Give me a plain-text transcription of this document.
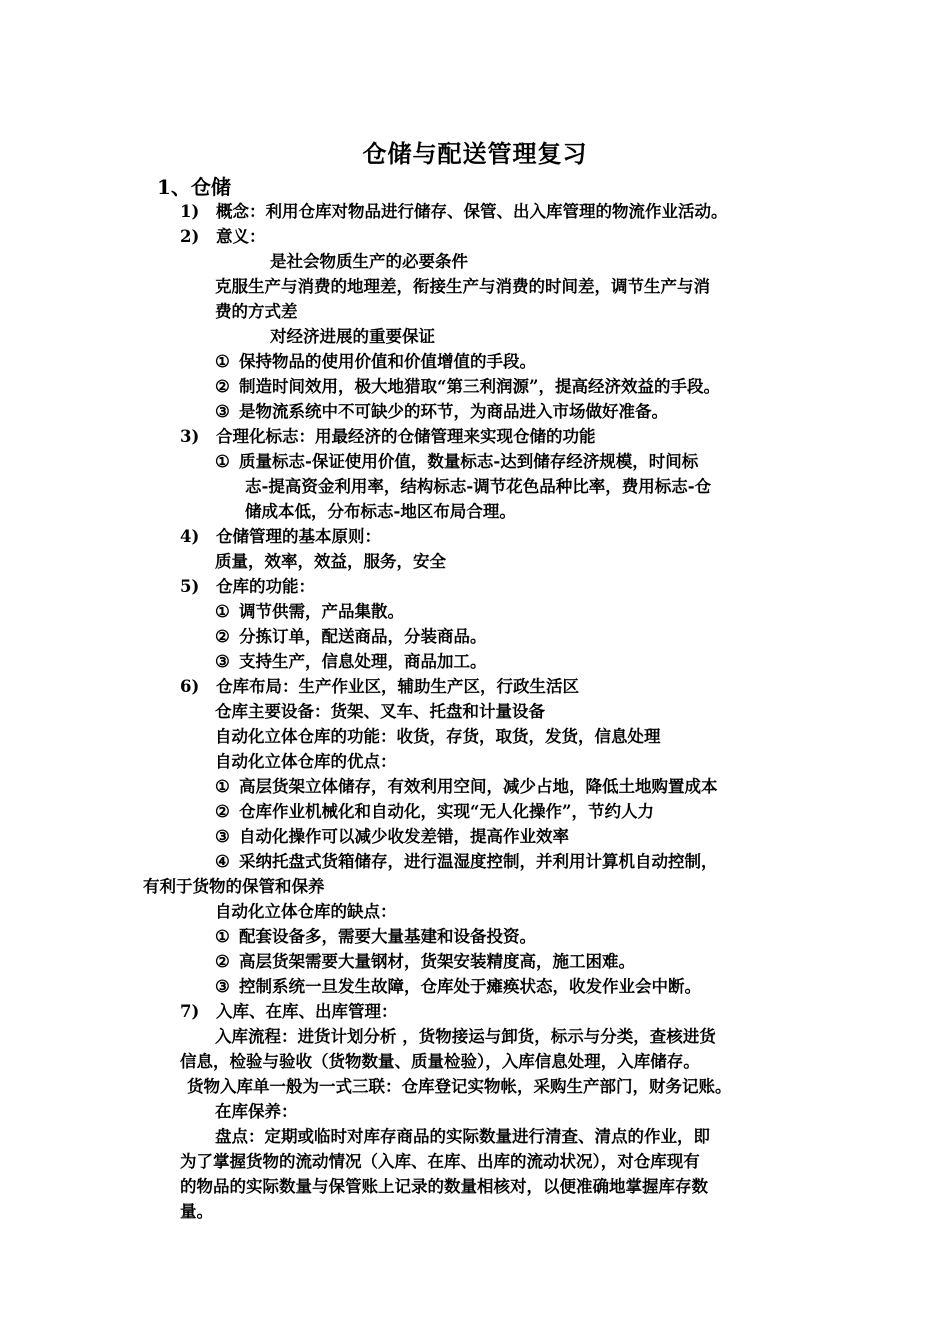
仓储与配送管理复习
1、仓储
1) 概念：利用仓库对物品进行储存、保管、出入库管理的物流作业活动。
2) 意义：
是社会物质生产的必要条件
克服生产与消费的地理差，衔接生产与消费的时间差，调节生产与消
费的方式差
对经济进展的重要保证
① 保持物品的使用价值和价值增值的手段。
② 制造时间效用，极大地猎取“第三利润源”，提高经济效益的手段。
③ 是物流系统中不可缺少的环节，为商品进入市场做好准备。
3) 合理化标志：用最经济的仓储管理来实现仓储的功能
① 质量标志-保证使用价值，数量标志-达到储存经济规模，时间标
志-提高资金利用率，结构标志-调节花色品种比率，费用标志-仓
储成本低，分布标志-地区布局合理。
4) 仓储管理的基本原则：
质量，效率，效益，服务，安全
5) 仓库的功能：
① 调节供需，产品集散。
② 分拣订单，配送商品，分装商品。
③ 支持生产，信息处理，商品加工。
6) 仓库布局：生产作业区，辅助生产区，行政生活区
仓库主要设备：货架、叉车、托盘和计量设备
自动化立体仓库的功能：收货，存货，取货，发货，信息处理
自动化立体仓库的优点：
① 高层货架立体储存，有效利用空间，减少占地，降低土地购置成本
② 仓库作业机械化和自动化，实现“无人化操作”，节约人力
③ 自动化操作可以减少收发差错，提高作业效率
④ 采纳托盘式货箱储存，进行温湿度控制，并利用计算机自动控制，
有利于货物的保管和保养
自动化立体仓库的缺点：
① 配套设备多，需要大量基建和设备投资。
② 高层货架需要大量钢材，货架安装精度高，施工困难。
③ 控制系统一旦发生故障，仓库处于瘫痪状态，收发作业会中断。
7) 入库、在库、出库管理：
入库流程：进货计划分析 ，货物接运与卸货，标示与分类，查核进货
信息，检验与验收（货物数量、质量检验），入库信息处理，入库储存。
货物入库单一般为一式三联：仓库登记实物帐，采购生产部门，财务记账。
在库保养：
盘点：定期或临时对库存商品的实际数量进行清查、清点的作业，即
为了掌握货物的流动情况（入库、在库、出库的流动状况），对仓库现有
的物品的实际数量与保管账上记录的数量相核对，以便准确地掌握库存数
量。
